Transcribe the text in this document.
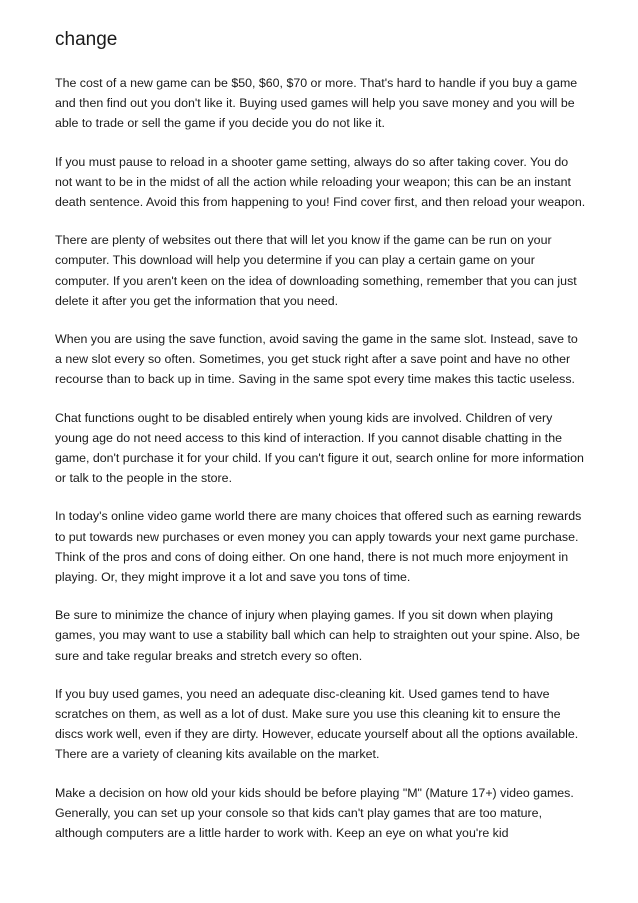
change

The cost of a new game can be $50, $60, $70 or more. That's hard to handle if you buy a game and then find out you don't like it. Buying used games will help you save money and you will be able to trade or sell the game if you decide you do not like it.

If you must pause to reload in a shooter game setting, always do so after taking cover. You do not want to be in the midst of all the action while reloading your weapon; this can be an instant death sentence. Avoid this from happening to you! Find cover first, and then reload your weapon.

There are plenty of websites out there that will let you know if the game can be run on your computer. This download will help you determine if you can play a certain game on your computer. If you aren't keen on the idea of downloading something, remember that you can just delete it after you get the information that you need.

When you are using the save function, avoid saving the game in the same slot. Instead, save to a new slot every so often. Sometimes, you get stuck right after a save point and have no other recourse than to back up in time. Saving in the same spot every time makes this tactic useless.

Chat functions ought to be disabled entirely when young kids are involved. Children of very young age do not need access to this kind of interaction. If you cannot disable chatting in the game, don't purchase it for your child. If you can't figure it out, search online for more information or talk to the people in the store.

In today's online video game world there are many choices that offered such as earning rewards to put towards new purchases or even money you can apply towards your next game purchase. Think of the pros and cons of doing either. On one hand, there is not much more enjoyment in playing. Or, they might improve it a lot and save you tons of time.

Be sure to minimize the chance of injury when playing games. If you sit down when playing games, you may want to use a stability ball which can help to straighten out your spine. Also, be sure and take regular breaks and stretch every so often.

If you buy used games, you need an adequate disc-cleaning kit. Used games tend to have scratches on them, as well as a lot of dust. Make sure you use this cleaning kit to ensure the discs work well, even if they are dirty. However, educate yourself about all the options available. There are a variety of cleaning kits available on the market.

Make a decision on how old your kids should be before playing "M" (Mature 17+) video games. Generally, you can set up your console so that kids can't play games that are too mature, although computers are a little harder to work with. Keep an eye on what you're kid
